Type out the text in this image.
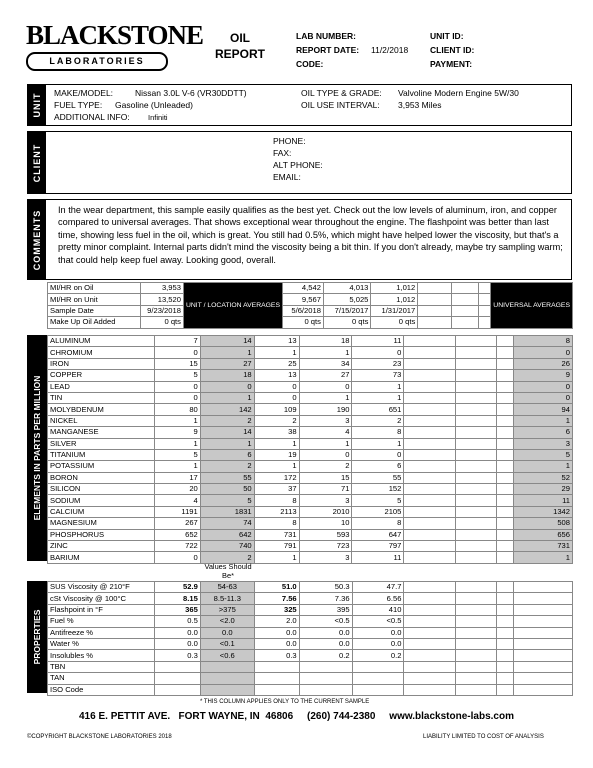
BLACKSTONE
LABORATORIES
OIL
REPORT
LAB NUMBER:
REPORT DATE: 11/2/2018
CODE:
UNIT ID:
CLIENT ID:
PAYMENT:
UNIT MAKE/MODEL:	Nissan 3.0L V-6 (VR30DDTT)
FUEL TYPE: Gasoline (Unleaded)
ADDITIONAL INFO: Infiniti
OIL TYPE & GRADE: Valvoline Modern Engine 5W/30
OIL USE INTERVAL: 3,953 Miles
CLIENT
PHONE:
FAX:
ALT PHONE:
EMAIL:
COMMENTS In the wear department, this sample easily qualifies as the best yet. Check out the low levels of aluminum, iron, and copper compared to universal averages. That shows exceptional wear throughout the engine. The flashpoint was better than last time, showing less fuel in the oil, which is great. You still had 0.5%, which might have helped lower the viscosity, but that's a pretty minor complaint. Internal parts didn't mind the viscosity being a bit thin. If you don't already, maybe try sampling warm; that could help keep fuel away. Looking good, overall.
MI/HR on Oil	3,953	UNIT / LOCATION AVERAGES	4,542	4,013	1,012				UNIVERSAL AVERAGES
MI/HR on Unit	13,520		9,567	5,025	1,012				
Sample Date	9/23/2018		5/6/2018	7/15/2017	1/31/2017				
Make Up Oil Added	0 qts		0 qts	0 qts	0 qts				
ELEMENTS IN PARTS PER MILLION
ALUMINUM	7	14	13	18	11				8
CHROMIUM	0	1	1	1	0				0
IRON	15	27	25	34	23				26
COPPER	5	18	13	27	73				9
LEAD	0	0	0	0	1				0
TIN	0	1	0	1	1				0
MOLYBDENUM	80	142	109	190	651				94
NICKEL	1	2	2	3	2				1
MANGANESE	9	14	38	4	8				6
SILVER	1	1	1	1	1				3
TITANIUM	5	6	19	0	0				5
POTASSIUM	1	2	1	2	6				1
BORON	17	55	172	15	55				52
SILICON	20	50	37	71	152				29
SODIUM	4	5	8	3	5				11
CALCIUM	1191	1831	2113	2010	2105				1342
MAGNESIUM	267	74	8	10	8				508
PHOSPHORUS	652	642	731	593	647				656
ZINC	722	740	791	723	797				731
BARIUM	0	2	1	3	11				1
Values Should Be*
PROPERTIES
SUS Viscosity @ 210°F	52.9	54-63	51.0	50.3	47.7				
cSt Viscosity @ 100°C	8.15	8.5-11.3	7.56	7.36	6.56				
Flashpoint in °F	365	>375	325	395	410				
Fuel %	0.5	<2.0	2.0	<0.5	<0.5				
Antifreeze %	0.0	0.0	0.0	0.0	0.0				
Water %	0.0	<0.1	0.0	0.0	0.0				
Insolubles %	0.3	<0.6	0.3	0.2	0.2				
TBN									
TAN									
ISO Code									
* THIS COLUMN APPLIES ONLY TO THE CURRENT SAMPLE
416 E. PETTIT AVE.   FORT WAYNE, IN  46806     (260) 744-2380     www.blackstone-labs.com
©COPYRIGHT BLACKSTONE LABORATORIES 2018	LIABILITY LIMITED TO COST OF ANALYSIS
